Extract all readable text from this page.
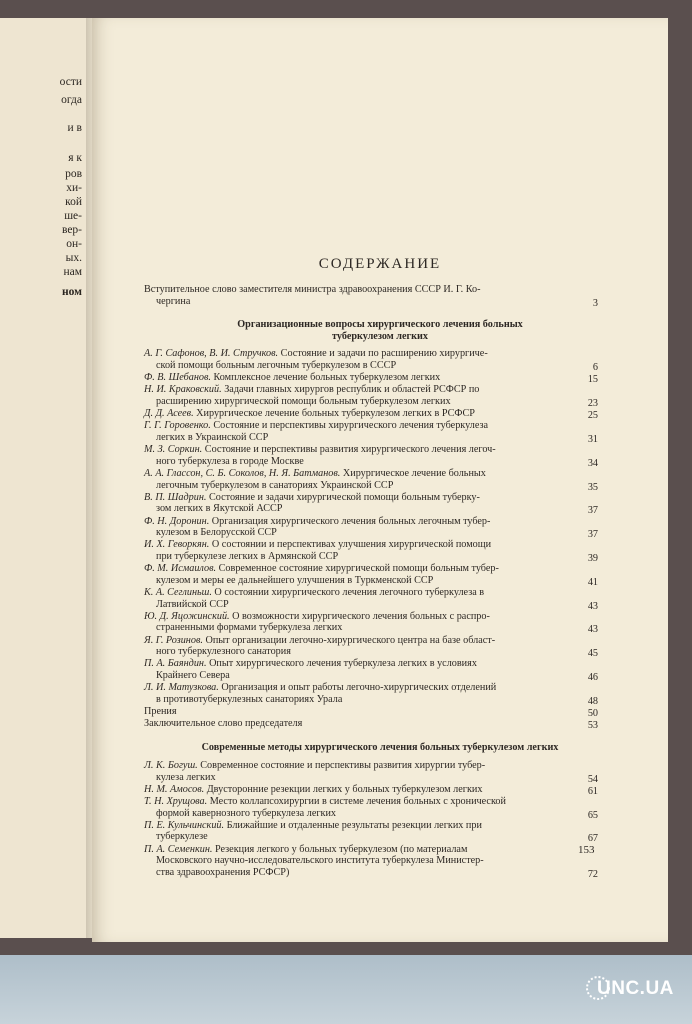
ости
огда
и в
я к
ров
хи-
кой
ше-
вер-
он-
ых.
нам
ном
СОДЕРЖАНИЕ
153
Вступительное слово заместителя министра здравоохранения СССР И. Г. Ко-
чергина	3
Организационные вопросы хирургического лечения больных
туберкулезом легких
А. Г. Сафонов, В. И. Стручков. Состояние и задачи по расширению хирургиче-
ской помощи больным легочным туберкулезом в СССР	6
Ф. В. Шебанов. Комплексное лечение больных туберкулезом легких	15
Н. И. Краковский. Задачи главных хирургов республик и областей РСФСР по
расширению хирургической помощи больным туберкулезом легких	23
Д. Д. Асеев. Хирургическое лечение больных туберкулезом легких в РСФСР	25
Г. Г. Горовенко. Состояние и перспективы хирургического лечения туберкулеза
легких в Украинской ССР	31
М. З. Соркин. Состояние и перспективы развития хирургического лечения легоч-
ного туберкулеза в городе Москве	34
А. А. Глассон, С. Б. Соколов, Н. Я. Батманов. Хирургическое лечение больных
легочным туберкулезом в санаториях Украинской ССР	35
В. П. Шадрин. Состояние и задачи хирургической помощи больным туберку-
зом легких в Якутской АССР	37
Ф. Н. Доронин. Организация хирургического лечения больных легочным тубер-
кулезом в Белорусской ССР	37
И. Х. Геворкян. О состоянии и перспективах улучшения хирургической помощи
при туберкулезе легких в Армянской ССР	39
Ф. М. Исмаилов. Современное состояние хирургической помощи больным тубер-
кулезом и меры ее дальнейшего улучшения в Туркменской ССР	41
К. А. Сеглиньш. О состоянии хирургического лечения легочного туберкулеза в
Латвийской ССР	43
Ю. Д. Яцожинский. О возможности хирургического лечения больных с распро-
страненными формами туберкулеза легких	43
Я. Г. Розинов. Опыт организации легочно-хирургического центра на базе област-
ного туберкулезного санатория	45
П. А. Баяндин. Опыт хирургического лечения туберкулеза легких в условиях
Крайнего Севера	46
Л. И. Матузкова. Организация и опыт работы легочно-хирургических отделений
в противотуберкулезных санаториях Урала	48
Прения	50
Заключительное слово председателя	53
Современные методы хирургического лечения больных туберкулезом легких
Л. К. Богуш. Современное состояние и перспективы развития хирургии тубер-
кулеза легких	54
Н. М. Амосов. Двусторонние резекции легких у больных туберкулезом легких	61
Т. Н. Хрущова. Место коллапсохирургии в системе лечения больных с хронической
формой кавернозного туберкулеза легких	65
П. Е. Кульчинский. Ближайшие и отдаленные результаты резекции легких при
туберкулезе	67
П. А. Семенкин. Резекция легкого у больных туберкулезом (по материалам
Московского научно-исследовательского института туберкулеза Министер-
ства здравоохранения РСФСР)	72
UNC.UA
